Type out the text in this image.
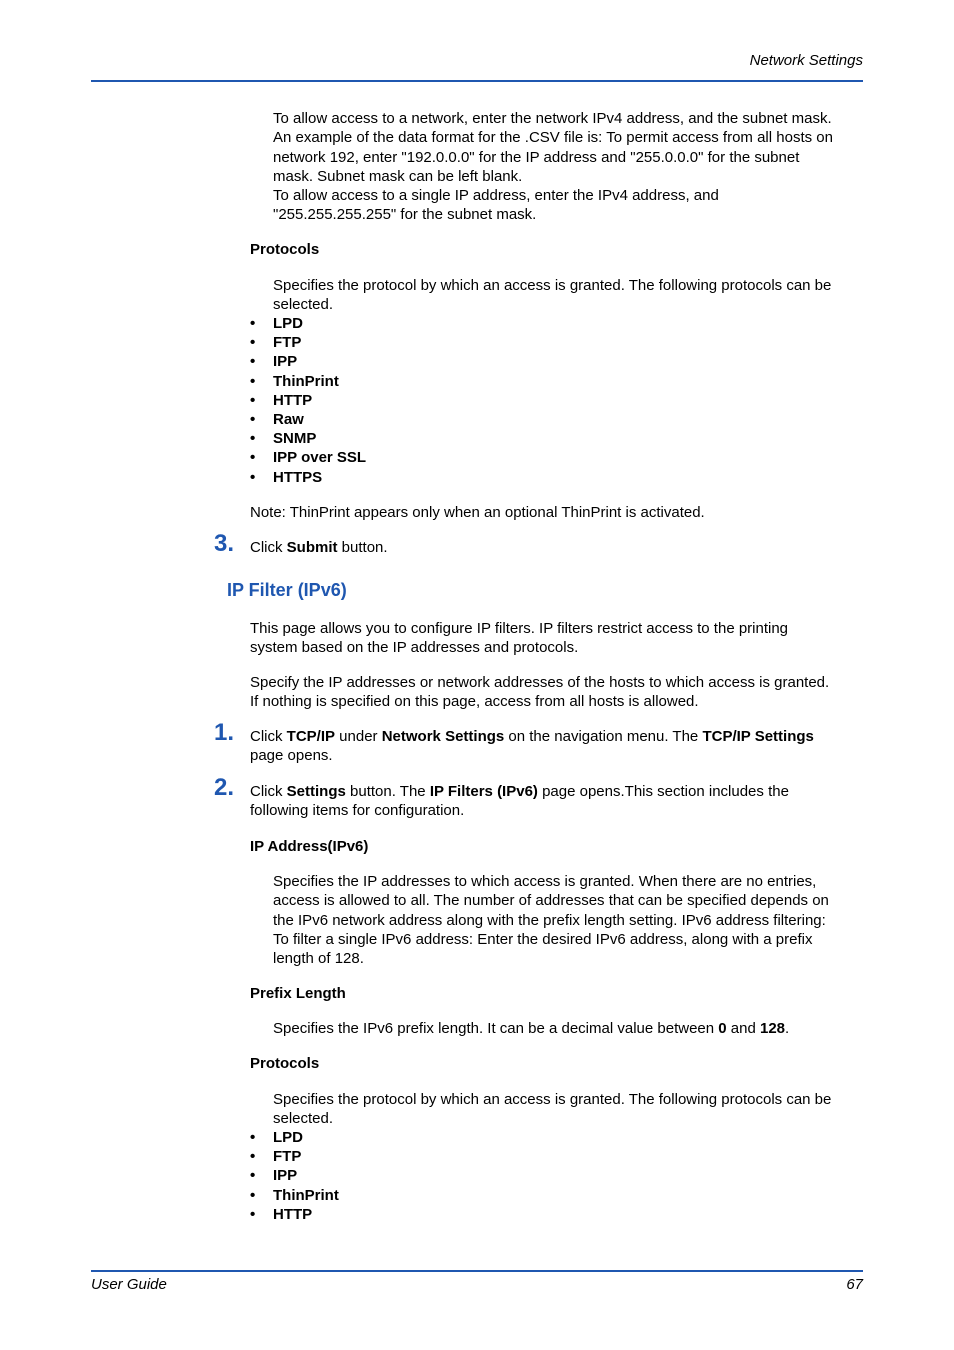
Network Settings
To allow access to a network, enter the network IPv4 address, and the subnet mask.
An example of the data format for the .CSV file is: To permit access from all hosts on
network 192, enter "192.0.0.0" for the IP address and "255.0.0.0" for the subnet
mask. Subnet mask can be left blank.
To allow access to a single IP address, enter the IPv4 address, and
"255.255.255.255" for the subnet mask.
Protocols
Specifies the protocol by which an access is granted. The following protocols can be
selected.
• LPD
• FTP
• IPP
• ThinPrint
• HTTP
• Raw
• SNMP
• IPP over SSL
• HTTPS
Note: ThinPrint appears only when an optional ThinPrint is activated.
3. Click Submit button.
IP Filter (IPv6)
This page allows you to configure IP filters. IP filters restrict access to the printing
system based on the IP addresses and protocols.
Specify the IP addresses or network addresses of the hosts to which access is granted.
If nothing is specified on this page, access from all hosts is allowed.
1. Click TCP/IP under Network Settings on the navigation menu. The TCP/IP Settings
page opens.
2. Click Settings button. The IP Filters (IPv6) page opens.This section includes the
following items for configuration.
IP Address(IPv6)
Specifies the IP addresses to which access is granted. When there are no entries,
access is allowed to all. The number of addresses that can be specified depends on
the IPv6 network address along with the prefix length setting. IPv6 address filtering:
To filter a single IPv6 address: Enter the desired IPv6 address, along with a prefix
length of 128.
Prefix Length
Specifies the IPv6 prefix length. It can be a decimal value between 0 and 128.
Protocols
Specifies the protocol by which an access is granted. The following protocols can be
selected.
• LPD
• FTP
• IPP
• ThinPrint
• HTTP
User Guide	67
